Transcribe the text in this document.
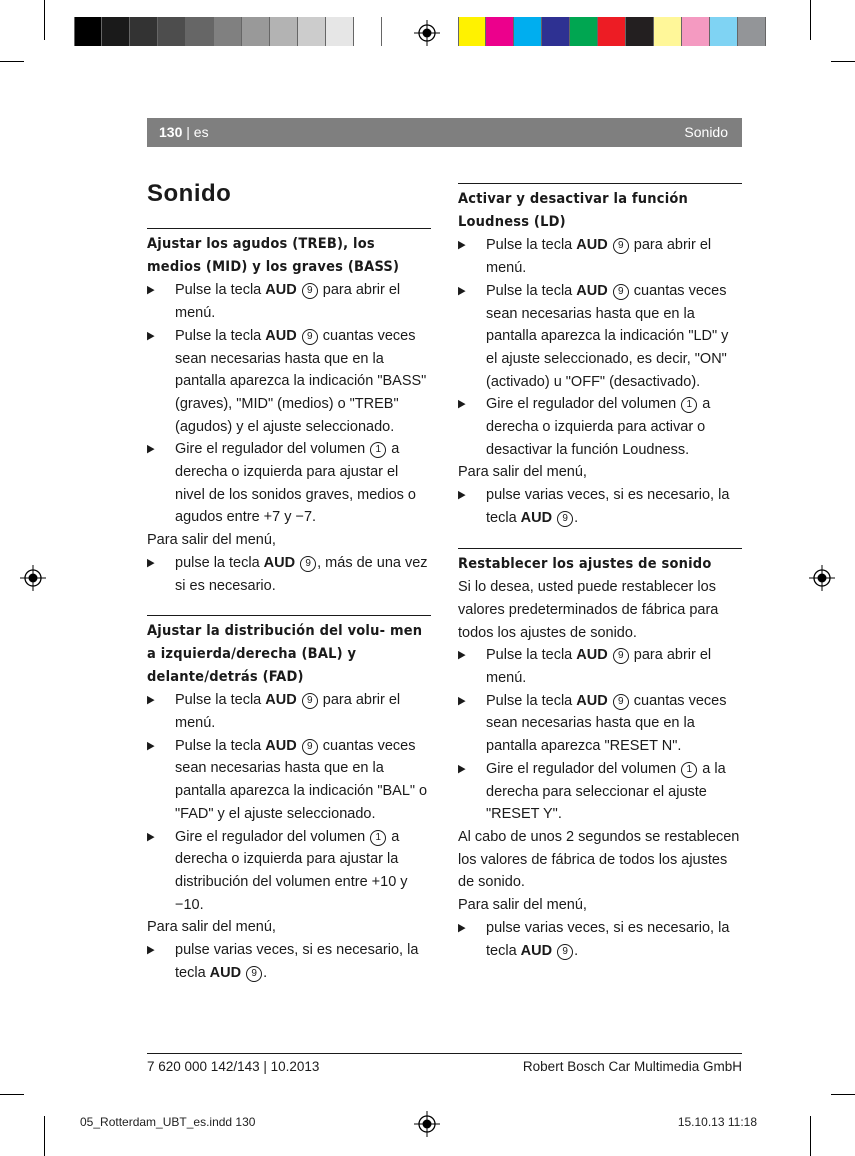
130 | es	Sonido
Sonido
Ajustar los agudos (TREB), los medios (MID) y los graves (BASS)
▶ Pulse la tecla AUD 9 para abrir el menú.
▶ Pulse la tecla AUD 9 cuantas veces sean necesarias hasta que en la pantalla aparezca la indicación "BASS" (graves), "MID" (medios) o "TREB" (agudos) y el ajuste seleccionado.
▶ Gire el regulador del volumen 1 a derecha o izquierda para ajustar el nivel de los sonidos graves, medios o agudos entre +7 y −7.

Para salir del menú,

▶ pulse la tecla AUD 9 , más de una vez si es necesario.
Ajustar la distribución del volu- men a izquierda/derecha (BAL) y delante/detrás (FAD)
▶ Pulse la tecla AUD 9 para abrir el menú.
▶ Pulse la tecla AUD 9 cuantas veces sean necesarias hasta que en la pantalla aparezca la indicación "BAL" o "FAD" y el ajuste seleccionado.
▶ Gire el regulador del volumen 1 a derecha o izquierda para ajustar la distribución del volumen entre +10 y −10.

Para salir del menú,

▶ pulse varias veces, si es necesario, la tecla AUD 9 .
Activar y desactivar la función Loudness (LD)
▶ Pulse la tecla AUD 9 para abrir el menú.
▶ Pulse la tecla AUD 9 cuantas veces sean necesarias hasta que en la pantalla aparezca la indicación "LD" y el ajuste seleccionado, es decir, "ON" (activado) u "OFF" (desactivado).
▶ Gire el regulador del volumen 1 a derecha o izquierda para activar o desactivar la función Loudness.

Para salir del menú,

▶ pulse varias veces, si es necesario, la tecla AUD 9 .
Restablecer los ajustes de sonido

Si lo desea, usted puede restablecer los valores predeterminados de fábrica para todos los ajustes de sonido.

▶ Pulse la tecla AUD 9 para abrir el menú.
▶ Pulse la tecla AUD 9 cuantas veces sean necesarias hasta que en la pantalla aparezca "RESET N".
▶ Gire el regulador del volumen 1 a la derecha para seleccionar el ajuste "RESET Y".

Al cabo de unos 2 segundos se restablecen los valores de fábrica de todos los ajustes de sonido.

Para salir del menú,

▶ pulse varias veces, si es necesario, la tecla AUD 9 .
7 620 000 142/143 | 10.2013	Robert Bosch Car Multimedia GmbH
05_Rotterdam_UBT_es.indd 130	15.10.13 11:18
